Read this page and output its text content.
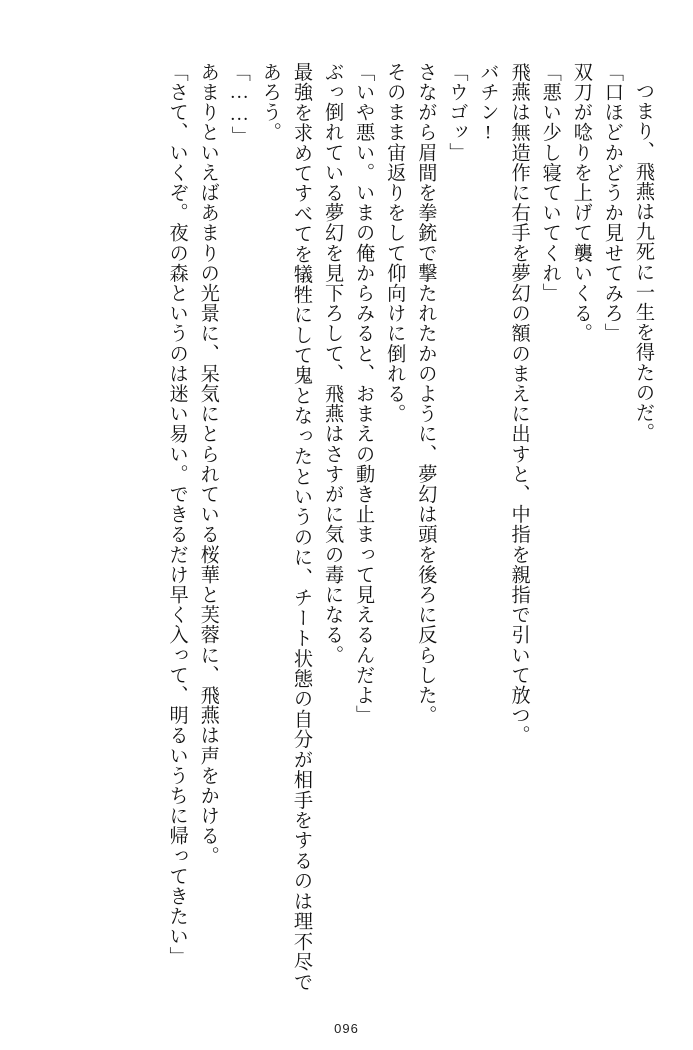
つまり、飛燕は九死に一生を得たのだ。

「口ほどかどうか見せてみろ」

双刀が唸りを上げて襲いくる。

「悪い少し寝ていてくれ」

飛燕は無造作に右手を夢幻の額のまえに出すと、中指を親指で引いて放つ。

バチン!

「ウゴッ」

さながら眉間を拳銃で撃たれたかのように、夢幻は頭を後ろに反らした。

そのまま宙返りをして仰向けに倒れる。

「いや悪い。いまの俺からみると、おまえの動き止まって見えるんだよ」

ぶっ倒れている夢幻を見下ろして、飛燕はさすがに気の毒になる。

最強を求めてすべてを犠牲にして鬼となったというのに、チート状態の自分が相手をするのは理不尽であろう。

「……」

あまりといえばあまりの光景に、呆気にとられている桜華と芙蓉に、飛燕は声をかける。

「さて、いくぞ。夜の森というのは迷い易い。できるだけ早く入って、明るいうちに帰ってきたい」

096
